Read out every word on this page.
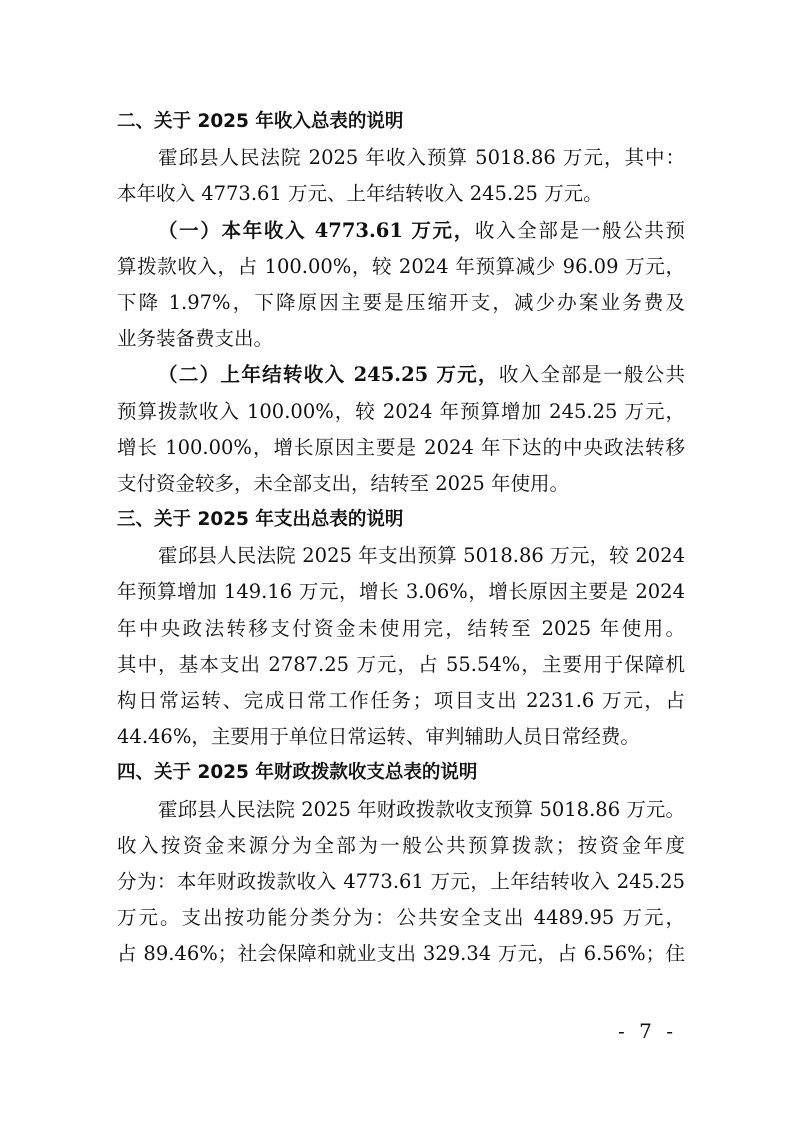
二、关于 2025 年收入总表的说明
霍邱县人民法院 2025 年收入预算 5018.86 万元，其中：
本年收入 4773.61 万元、上年结转收入 245.25 万元。
（一）本年收入 4773.61 万元，收入全部是一般公共预
算拨款收入，占 100.00%，较 2024 年预算减少 96.09 万元，
下降 1.97%，下降原因主要是压缩开支，减少办案业务费及
业务装备费支出。
（二）上年结转收入 245.25 万元，收入全部是一般公共
预算拨款收入 100.00%，较 2024 年预算增加 245.25 万元，
增长 100.00%，增长原因主要是 2024 年下达的中央政法转移
支付资金较多，未全部支出，结转至 2025 年使用。
三、关于 2025 年支出总表的说明
霍邱县人民法院 2025 年支出预算 5018.86 万元，较 2024
年预算增加 149.16 万元，增长 3.06%，增长原因主要是 2024
年中央政法转移支付资金未使用完，结转至 2025 年使用。
其中，基本支出 2787.25 万元，占 55.54%，主要用于保障机
构日常运转、完成日常工作任务；项目支出 2231.6 万元，占
44.46%，主要用于单位日常运转、审判辅助人员日常经费。
四、关于 2025 年财政拨款收支总表的说明
霍邱县人民法院 2025 年财政拨款收支预算 5018.86 万元。
收入按资金来源分为全部为一般公共预算拨款；按资金年度
分为：本年财政拨款收入 4773.61 万元，上年结转收入 245.25
万元。支出按功能分类分为：公共安全支出 4489.95 万元，
占 89.46%；社会保障和就业支出 329.34 万元，占 6.56%；住
- 7 -
